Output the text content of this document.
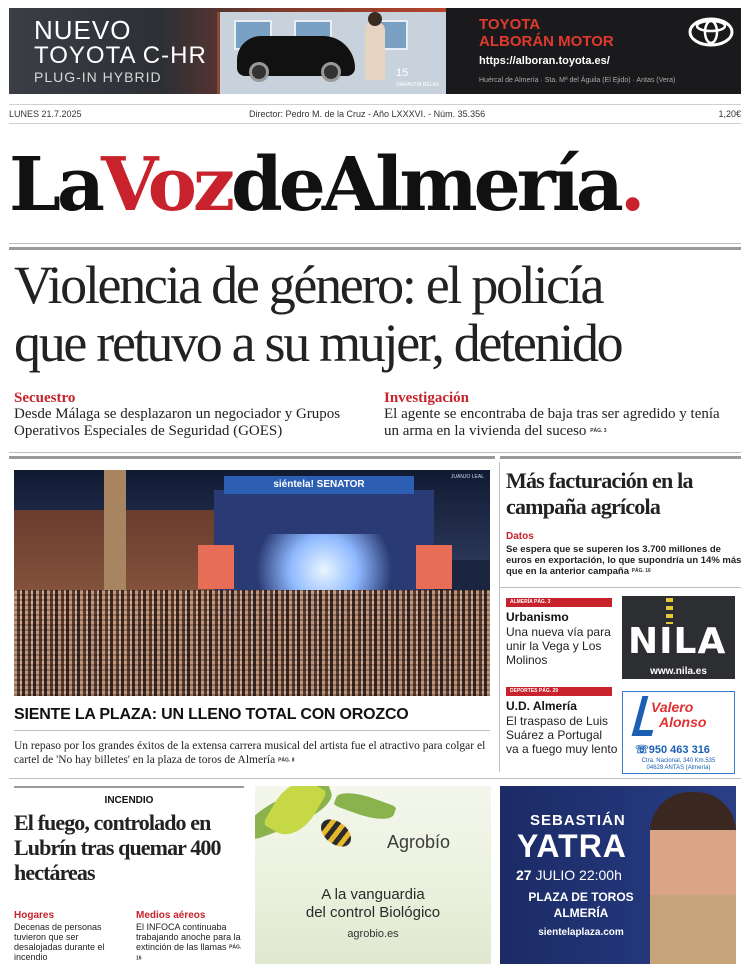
NUEVO
TOYOTA C-HR
PLUG-IN HYBRID	15 GARANTÍA RELAX
TOYOTA
ALBORÁN MOTOR
https://alboran.toyota.es/
Huércal de Almería · Sta. Mª del Águila (El Ejido) · Antas (Vera)
LUNES 21.7.2025	Director: Pedro M. de la Cruz - Año LXXXVI. - Núm. 35.356	1,20€
LaVozdeAlmería.
Violencia de género: el policía
que retuvo a su mujer, detenido
Secuestro
Desde Málaga se desplazaron un negociador y Grupos Operativos Especiales de Seguridad (GOES)
Investigación
El agente se encontraba de baja tras ser agredido y tenía un arma en la vivienda del suceso PÁG. 3
siéntela! SENATOR
JUANJO LEAL
SIENTE LA PLAZA: UN LLENO TOTAL CON OROZCO
Un repaso por los grandes éxitos de la extensa carrera musical del artista fue el atractivo para colgar el cartel de 'No hay billetes' en la plaza de toros de Almería PÁG. 8
Más facturación en la campaña agrícola
Datos
Se espera que se superen los 3.700 millones de euros en exportación, lo que supondría un 14% más que en la anterior campaña PÁG. 16
ALMERÍA PÁG. 3
Urbanismo
Una nueva vía para unir la Vega y Los Molinos
DEPORTES PÁG. 29
U.D. Almería
El traspaso de Luis Suárez a Portugal va a fuego muy lento
NILA
www.nila.es
Valero
Alonso
☏950 463 316
Ctra. Nacional, 340 Km.535
04628 ANTAS (Almería)
INCENDIO
El fuego, controlado en Lubrín tras quemar 400 hectáreas
Hogares
Decenas de personas tuvieron que ser desalojadas durante el incendio
Medios aéreos
El INFOCA continuaba trabajando anoche para la extinción de las llamas PÁG. 16
Agrobío
A la vanguardia
del control Biológico
agrobio.es
SEBASTIÁN
YATRA
27 JULIO 22:00h
PLAZA DE TOROS
ALMERÍA
sientelaplaza.com
